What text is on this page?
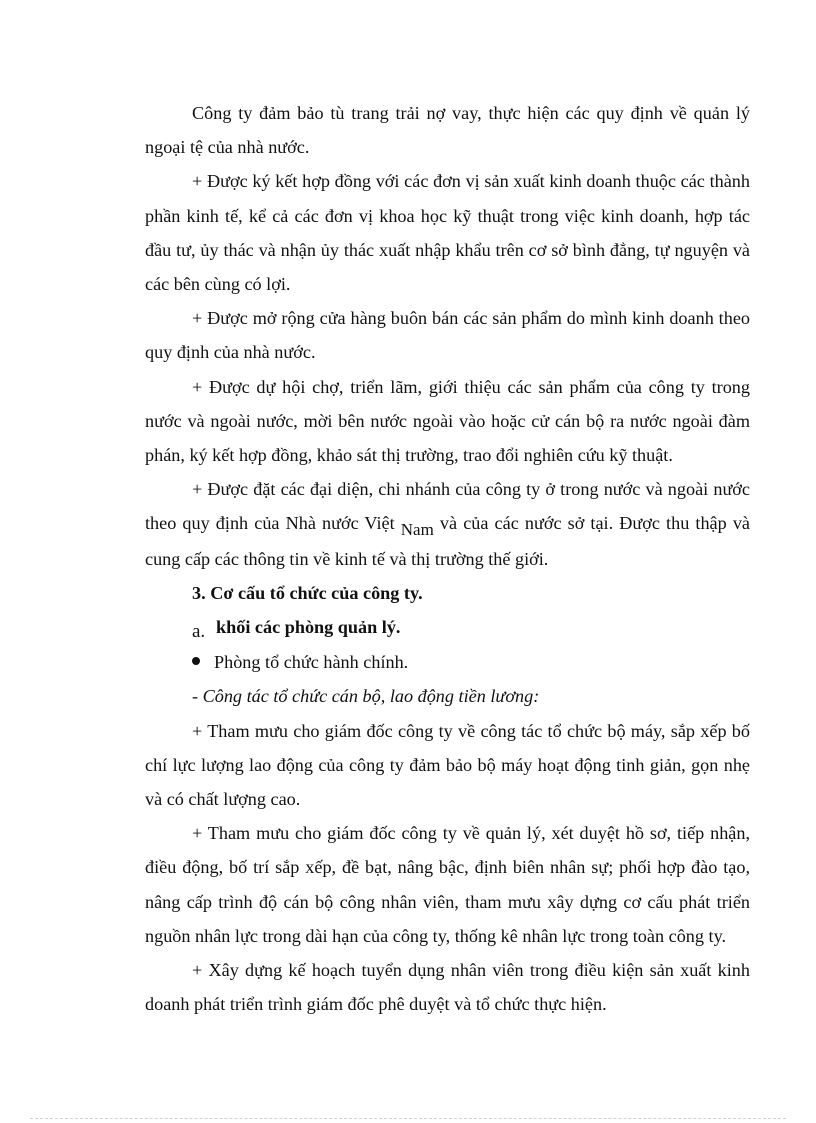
Công ty đảm bảo tù trang trải nợ vay, thực hiện các quy định về quản lý ngoại tệ của nhà nước.

+ Được ký kết hợp đồng với các đơn vị sản xuất kinh doanh thuộc các thành phần kinh tế, kể cả các đơn vị khoa học kỹ thuật trong việc kinh doanh, hợp tác đầu tư, ủy thác và nhận ủy thác xuất nhập khẩu trên cơ sở bình đẳng, tự nguyện và các bên cùng có lợi.

+ Được mở rộng cửa hàng buôn bán các sản phẩm do mình kinh doanh theo quy định của nhà nước.

+ Được dự hội chợ, triển lãm, giới thiệu các sản phẩm của công ty trong nước và ngoài nước, mời bên nước ngoài vào hoặc cử cán bộ ra nước ngoài đàm phán, ký kết hợp đồng, khảo sát thị trường, trao đổi nghiên cứu kỹ thuật.

+ Được đặt các đại diện, chi nhánh của công ty ở trong nước và ngoài nước theo quy định của Nhà nước Việt Nam và của các nước sở tại. Được thu thập và cung cấp các thông tin về kinh tế và thị trường thế giới.

3. Cơ cấu tổ chức của công ty.

a. khối các phòng quản lý.
Phòng tổ chức hành chính.

- Công tác tổ chức cán bộ, lao động tiền lương:

+ Tham mưu cho giám đốc công ty về công tác tổ chức bộ máy, sắp xếp bố chí lực lượng lao động của công ty đảm bảo bộ máy hoạt động tinh giản, gọn nhẹ và có chất lượng cao.

+ Tham mưu cho giám đốc công ty về quản lý, xét duyệt hồ sơ, tiếp nhận, điều động, bố trí sắp xếp, đề bạt, nâng bậc, định biên nhân sự; phối hợp đào tạo, nâng cấp trình độ cán bộ công nhân viên, tham mưu xây dựng cơ cấu phát triển nguồn nhân lực trong dài hạn của công ty, thống kê nhân lực trong toàn công ty.

+ Xây dựng kế hoạch tuyển dụng nhân viên trong điều kiện sản xuất kinh doanh phát triển trình giám đốc phê duyệt và tổ chức thực hiện.
